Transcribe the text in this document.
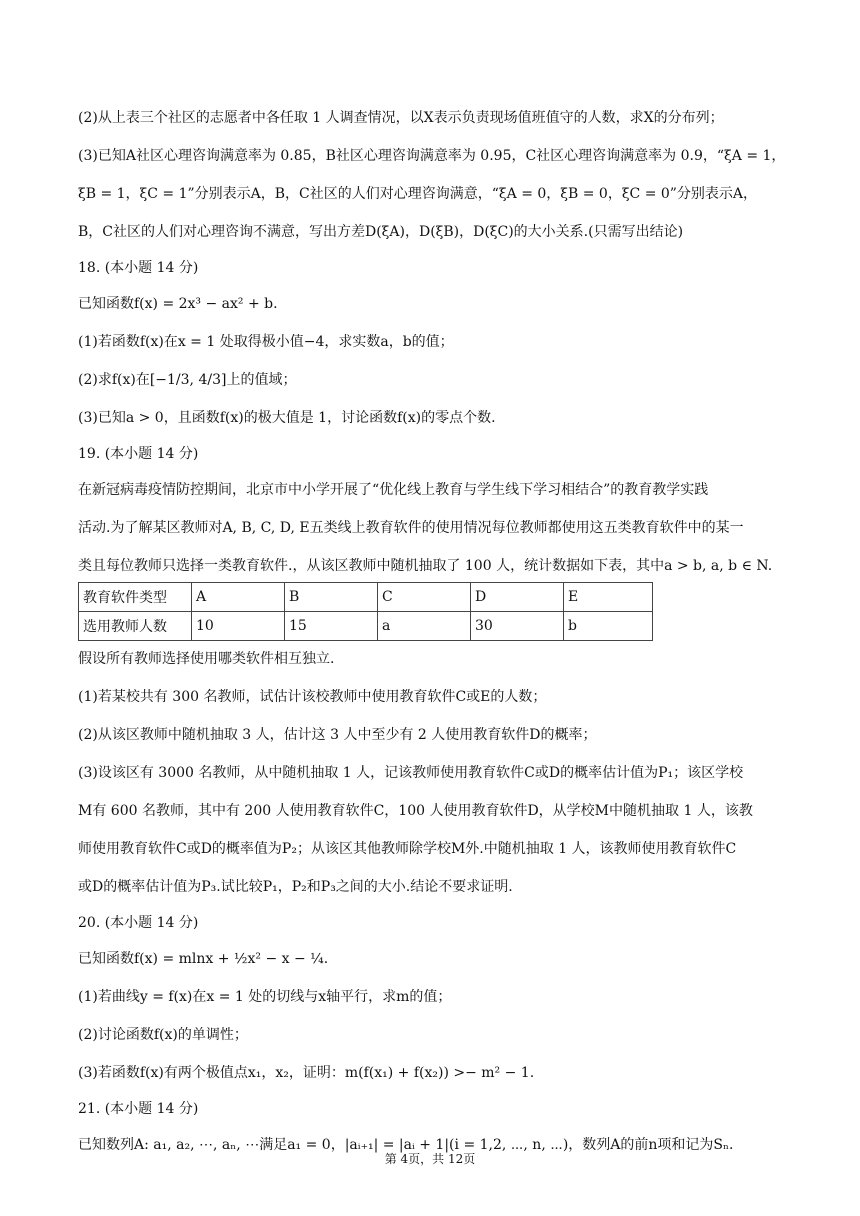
(2)从上表三个社区的志愿者中各任取 1 人调查情况，以X表示负责现场值班值守的人数，求X的分布列；

(3)已知A社区心理咨询满意率为 0.85，B社区心理咨询满意率为 0.95，C社区心理咨询满意率为 0.9，“ξA = 1，

ξB = 1，ξC = 1”分别表示A，B，C社区的人们对心理咨询满意，“ξA = 0，ξB = 0，ξC = 0”分别表示A，

B，C社区的人们对心理咨询不满意，写出方差D(ξA)，D(ξB)，D(ξC)的大小关系.(只需写出结论)

18. (本小题 14 分)

已知函数f(x) = 2x³ − ax² + b.

(1)若函数f(x)在x = 1 处取得极小值−4，求实数a，b的值；

(2)求f(x)在[−1/3, 4/3]上的值域；

(3)已知a > 0，且函数f(x)的极大值是 1，讨论函数f(x)的零点个数.

19. (本小题 14 分)

在新冠病毒疫情防控期间，北京市中小学开展了“优化线上教育与学生线下学习相结合”的教育教学实践

活动.为了解某区教师对A, B, C, D, E五类线上教育软件的使用情况每位教师都使用这五类教育软件中的某一

类且每位教师只选择一类教育软件.，从该区教师中随机抽取了 100 人，统计数据如下表，其中a > b, a, b ∈ N.

教育软件类型	A	B	C	D	E
选用教师人数	10	15	a	30	b

假设所有教师选择使用哪类软件相互独立.

(1)若某校共有 300 名教师，试估计该校教师中使用教育软件C或E的人数；

(2)从该区教师中随机抽取 3 人，估计这 3 人中至少有 2 人使用教育软件D的概率；

(3)设该区有 3000 名教师，从中随机抽取 1 人，记该教师使用教育软件C或D的概率估计值为P₁；该区学校

M有 600 名教师，其中有 200 人使用教育软件C，100 人使用教育软件D，从学校M中随机抽取 1 人，该教

师使用教育软件C或D的概率值为P₂；从该区其他教师除学校M外.中随机抽取 1 人，该教师使用教育软件C

或D的概率估计值为P₃.试比较P₁，P₂和P₃之间的大小.结论不要求证明.

20. (本小题 14 分)

已知函数f(x) = mlnx + ½x² − x − ¼.

(1)若曲线y = f(x)在x = 1 处的切线与x轴平行，求m的值；

(2)讨论函数f(x)的单调性；

(3)若函数f(x)有两个极值点x₁，x₂，证明：m(f(x₁) + f(x₂)) >− m² − 1.

21. (本小题 14 分)

已知数列A: a₁, a₂, ⋯, aₙ, ⋯满足a₁ = 0，|aᵢ₊₁| = |aᵢ + 1|(i = 1,2, ⋯, n, ⋯)，数列A的前n项和记为Sₙ.

第 4页，共 12页
